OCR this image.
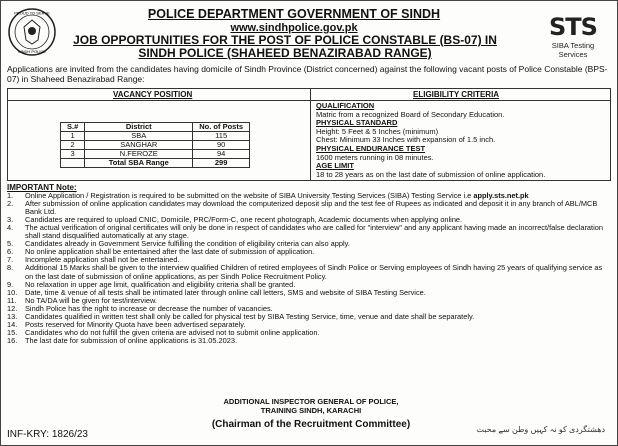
PROUD TO SERVE
SINDH POLICE
STS
SIBA Testing Services
POLICE DEPARTMENT GOVERNMENT OF SINDH
www.sindhpolice.gov.pk
JOB OPPORTUNITIES FOR THE POST OF POLICE CONSTABLE (BS-07) IN
SINDH POLICE (SHAHEED BENAZIRABAD RANGE)
Applications are invited from the candidates having domicile of Sindh Province (District concerned) against the following vacant posts of Police Constable (BPS-07) in Shaheed Benazirabad Range:
VACANCY POSITION	ELIGIBILITY CRITERIA
S.#	District	No. of Posts
1	SBA	115
2	SANGHAR	90
3	N.FEROZE	94
	Total SBA Range	299
QUALIFICATION
Matric from a recognized Board of Secondary Education.
PHYSICAL STANDARD
Height: 5 Feet & 5 Inches (minimum)
Chest: Minimum 33 Inches with expansion of 1.5 inch.
PHYSICAL ENDURANCE TEST
1600 meters running in 08 minutes.
AGE LIMIT
18 to 28 years as on the last date of submission of online application.
IMPORTANT Note:
1.	Online Application / Registration is required to be submitted on the website of SIBA University Testing Services (SIBA) Testing Service i.e apply.sts.net.pk
2.	After submission of online application candidates may download the computerized deposit slip and the test fee of Rupees as indicated and deposit it in any branch of ABL/MCB Bank Ltd.
3.	Candidates are required to upload CNIC, Domicile, PRC/Form-C, one recent photograph, Academic documents when applying online.
4.	The actual verification of original certificates will only be done in respect of candidates who are called for "interview" and any applicant having made an incorrect/false declaration shall stand disqualified automatically at any stage.
5.	Candidates already in Government Service fulfilling the condition of eligibility criteria can also apply.
6.	No online application shall be entertained after the last date of submission of application.
7.	Incomplete application shall not be entertained.
8.	Additional 15 Marks shall be given to the interview qualified Children of retired employees of Sindh Police or Serving employees of Sindh having 25 years of qualifying service as on the last date of submission of online applications, as per Sindh Police Recruitment Policy.
9.	No relaxation in upper age limit, qualification and eligibility criteria shall be granted.
10.	Date, time & venue of all tests shall be intimated later through online call letters, SMS and website of SIBA Testing Service.
11.	No TA/DA will be given for test/interview.
12.	Sindh Police has the right to increase or decrease the number of vacancies.
13.	Candidates qualified in written test shall only be called for physical test by SIBA Testing Service, time, venue and date shall be separately.
14.	Posts reserved for Minority Quota have been advertised separately.
15.	Candidates who do not fulfill the given criteria are advised not to submit online application.
16.	The last date for submission of online applications is 31.05.2023.
ADDITIONAL INSPECTOR GENERAL OF POLICE,
TRAINING SINDH, KARACHI
(Chairman of the Recruitment Committee)
INF-KRY: 1826/23	دھشتگردی کو نہ کہیں وطن سے محبت
